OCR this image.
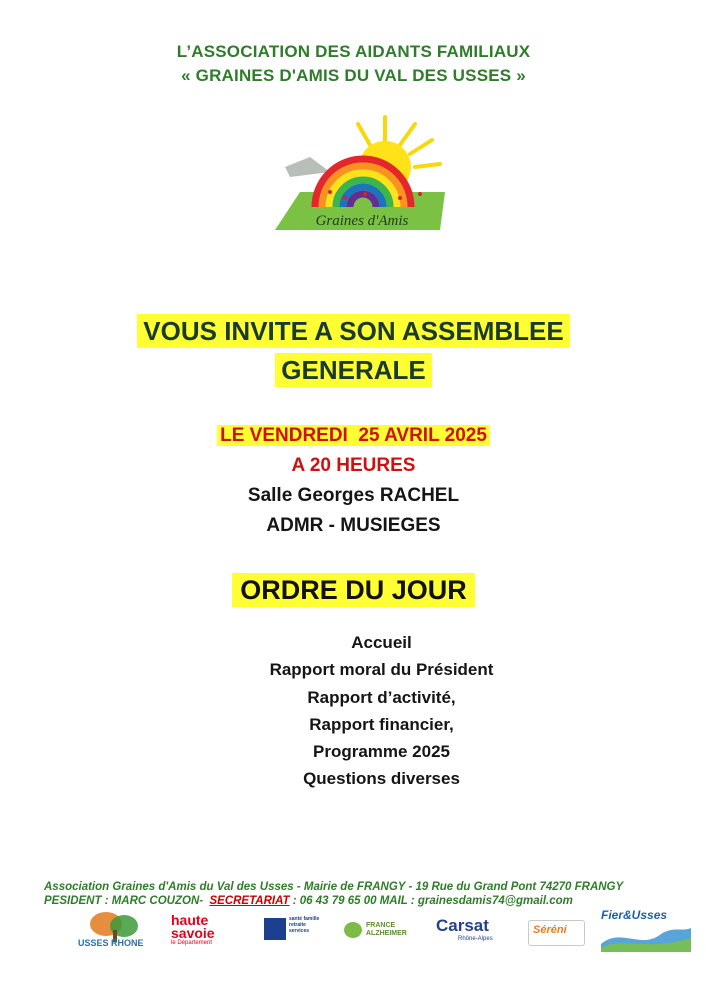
L’ASSOCIATION DES AIDANTS FAMILIAUX
« GRAINES D'AMIS DU VAL DES USSES »
Graines d'Amis
VOUS INVITE A SON ASSEMBLEE
GENERALE
LE VENDREDI  25 AVRIL 2025
A 20 HEURES
Salle Georges RACHEL
ADMR - MUSIEGES
ORDRE DU JOUR
Accueil
Rapport moral du Président
Rapport d’activité,
Rapport financier,
Programme 2025
Questions diverses
Association Graines d'Amis du Val des Usses - Mairie de FRANGY - 19 Rue du Grand Pont 74270 FRANGY
PESIDENT : MARC COUZON- SECRETARIAT : 06 43 79 65 00 MAIL : grainesdamis74@gmail.com
USSES RHONE
haute
savoie
le Département
santé famille retraite services
FRANCE ALZHEIMER	Carsat
Rhône-Alpes
Séréni
Fier&Usses
